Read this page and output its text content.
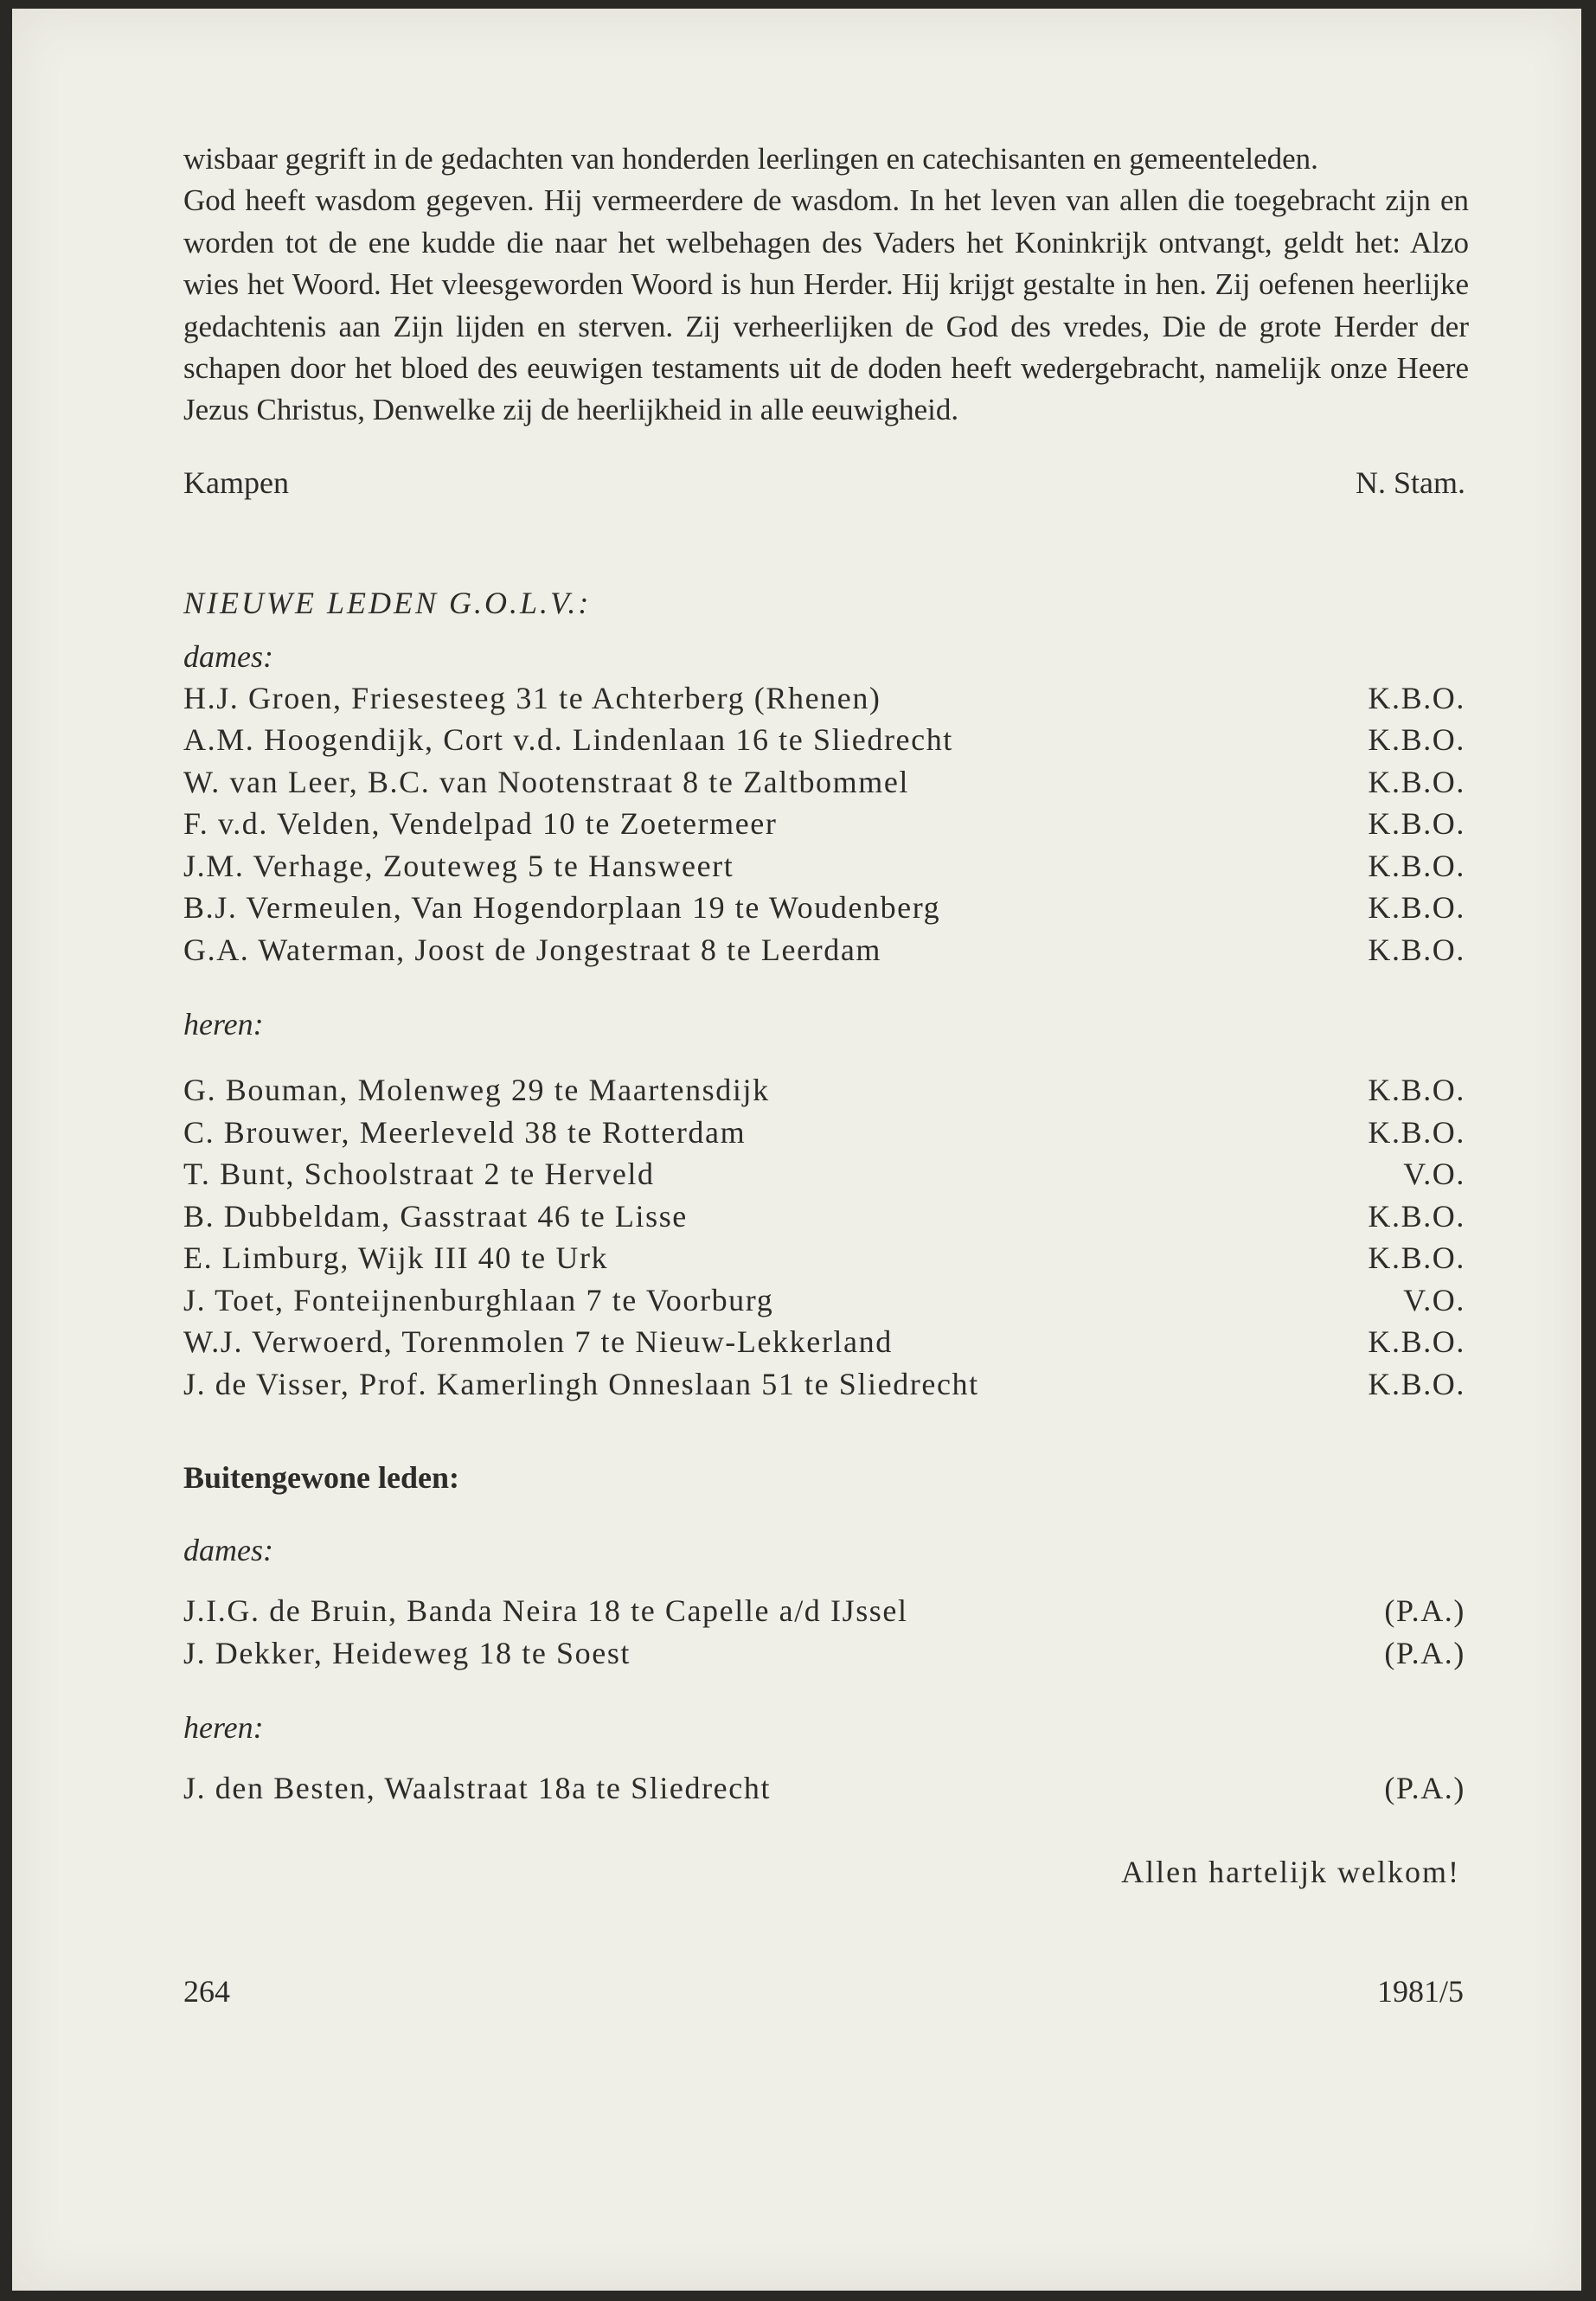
wisbaar gegrift in de gedachten van honderden leerlingen en catechisanten en gemeenteleden.

God heeft wasdom gegeven. Hij vermeerdere de wasdom. In het leven van allen die toegebracht zijn en worden tot de ene kudde die naar het welbehagen des Vaders het Koninkrijk ontvangt, geldt het: Alzo wies het Woord. Het vleesgeworden Woord is hun Herder. Hij krijgt gestalte in hen. Zij oefenen heerlijke gedachtenis aan Zijn lijden en sterven. Zij verheerlijken de God des vredes, Die de grote Herder der schapen door het bloed des eeuwigen testaments uit de doden heeft wedergebracht, namelijk onze Heere Jezus Christus, Denwelke zij de heerlijkheid in alle eeuwigheid.

Kampen	N. Stam.
NIEUWE LEDEN G.O.L.V.:
dames:
H.J. Groen, Friesesteeg 31 te Achterberg (Rhenen)	K.B.O.
A.M. Hoogendijk, Cort v.d. Lindenlaan 16 te Sliedrecht	K.B.O.
W. van Leer, B.C. van Nootenstraat 8 te Zaltbommel	K.B.O.
F. v.d. Velden, Vendelpad 10 te Zoetermeer	K.B.O.
J.M. Verhage, Zouteweg 5 te Hansweert	K.B.O.
B.J. Vermeulen, Van Hogendorplaan 19 te Woudenberg	K.B.O.
G.A. Waterman, Joost de Jongestraat 8 te Leerdam	K.B.O.
heren:
G. Bouman, Molenweg 29 te Maartensdijk	K.B.O.
C. Brouwer, Meerleveld 38 te Rotterdam	K.B.O.
T. Bunt, Schoolstraat 2 te Herveld	V.O.
B. Dubbeldam, Gasstraat 46 te Lisse	K.B.O.
E. Limburg, Wijk III 40 te Urk	K.B.O.
J. Toet, Fonteijnenburghlaan 7 te Voorburg	V.O.
W.J. Verwoerd, Torenmolen 7 te Nieuw-Lekkerland	K.B.O.
J. de Visser, Prof. Kamerlingh Onneslaan 51 te Sliedrecht	K.B.O.
Buitengewone leden:
dames:
J.I.G. de Bruin, Banda Neira 18 te Capelle a/d IJssel	(P.A.)
J. Dekker, Heideweg 18 te Soest	(P.A.)
heren:
J. den Besten, Waalstraat 18a te Sliedrecht	(P.A.)
Allen hartelijk welkom!
264	1981/5
